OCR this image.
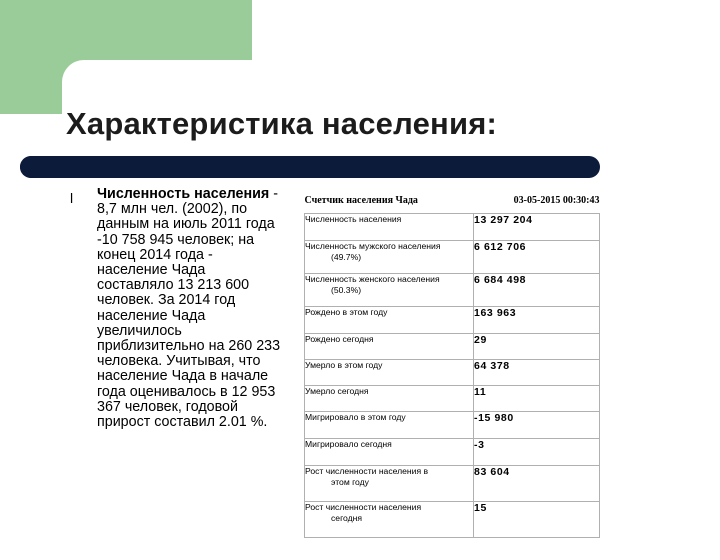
Характеристика населения:
l Численность населения - 8,7 млн чел. (2002), по данным на июль 2011 года -10 758 945 человек; на конец 2014 года - население Чада составляло 13 213 600 человек. За 2014 год население Чада увеличилось приблизительно на 260 233 человека. Учитывая, что население Чада в начале года оценивалось в 12 953 367 человек, годовой прирост составил 2.01 %.
Счетчик населения Чада	03-05-2015 00:30:43
Численность населения	13 297 204
Численность мужского населения
(49.7%)	6 612 706
Численность женского населения
(50.3%)	6 684 498
Рождено в этом году	163 963
Рождено сегодня	29
Умерло в этом году	64 378
Умерло сегодня	11
Мигрировало в этом году	-15 980
Мигрировало сегодня	-3
Рост численности населения в
этом году	83 604
Рост численности населения
сегодня	15
